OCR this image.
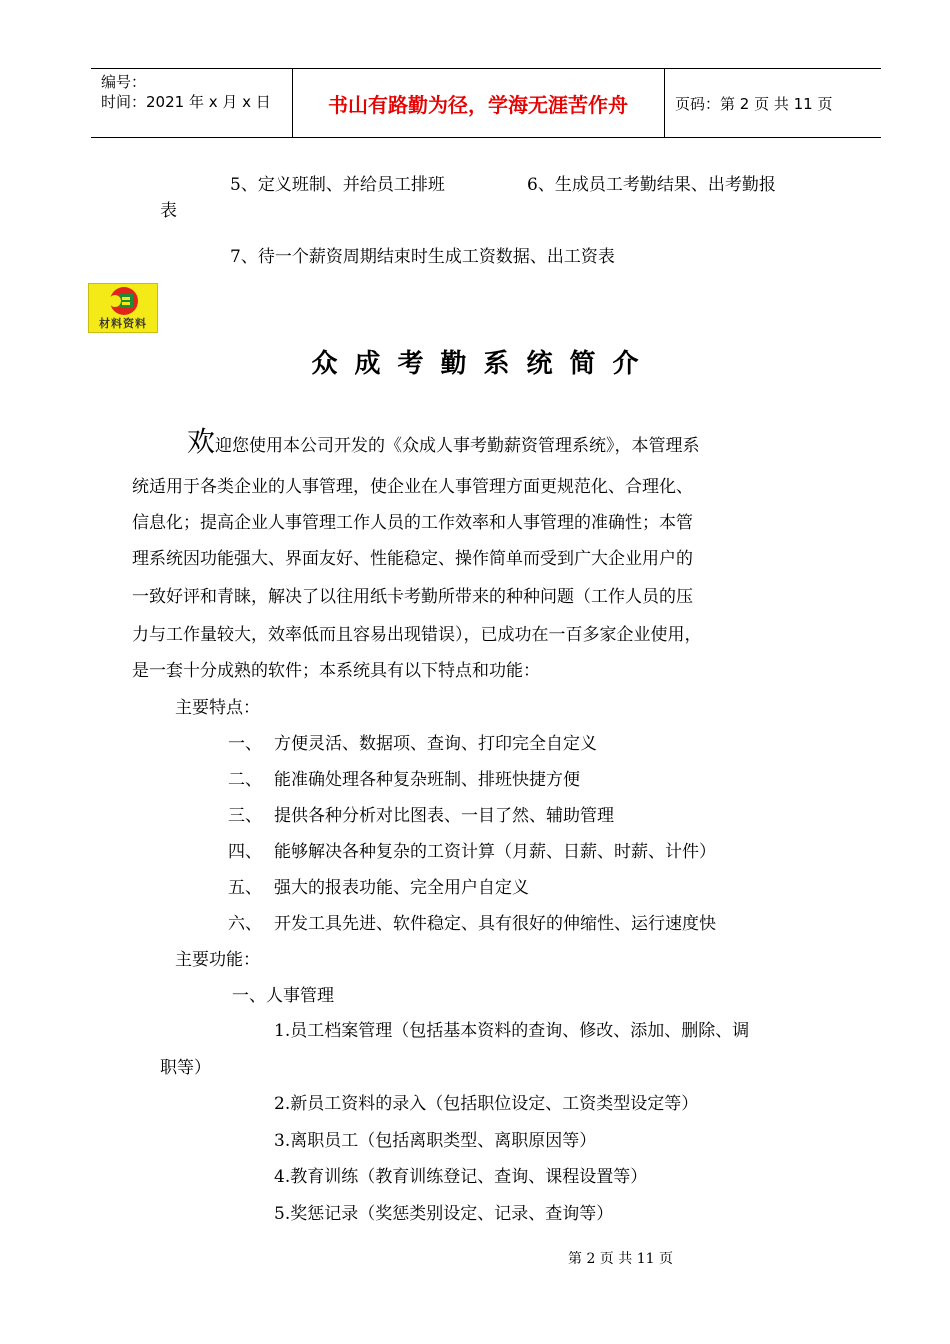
编号：
时间：2021 年 x 月 x 日	书山有路勤为径，学海无涯苦作舟	页码：第 2 页 共 11 页
5、定义班制、并给员工排班	6、生成员工考勤结果、出考勤报
表
7、待一个薪资周期结束时生成工资数据、出工资表
材料资料
众成考勤系统简介
欢迎您使用本公司开发的《众成人事考勤薪资管理系统》，本管理系
统适用于各类企业的人事管理，使企业在人事管理方面更规范化、合理化、
信息化；提高企业人事管理工作人员的工作效率和人事管理的准确性；本管
理系统因功能强大、界面友好、性能稳定、操作简单而受到广大企业用户的
一致好评和青睐，解决了以往用纸卡考勤所带来的种种问题（工作人员的压
力与工作量较大，效率低而且容易出现错误），已成功在一百多家企业使用，
是一套十分成熟的软件；本系统具有以下特点和功能：
主要特点：
一、 方便灵活、数据项、查询、打印完全自定义
二、 能准确处理各种复杂班制、排班快捷方便
三、 提供各种分析对比图表、一目了然、辅助管理
四、 能够解决各种复杂的工资计算（月薪、日薪、时薪、计件）
五、 强大的报表功能、完全用户自定义
六、 开发工具先进、软件稳定、具有很好的伸缩性、运行速度快
主要功能：
一、人事管理
1.员工档案管理（包括基本资料的查询、修改、添加、删除、调
职等）
2.新员工资料的录入（包括职位设定、工资类型设定等）
3.离职员工（包括离职类型、离职原因等）
4.教育训练（教育训练登记、查询、课程设置等）
5.奖惩记录（奖惩类别设定、记录、查询等）
第 2 页 共 11 页
